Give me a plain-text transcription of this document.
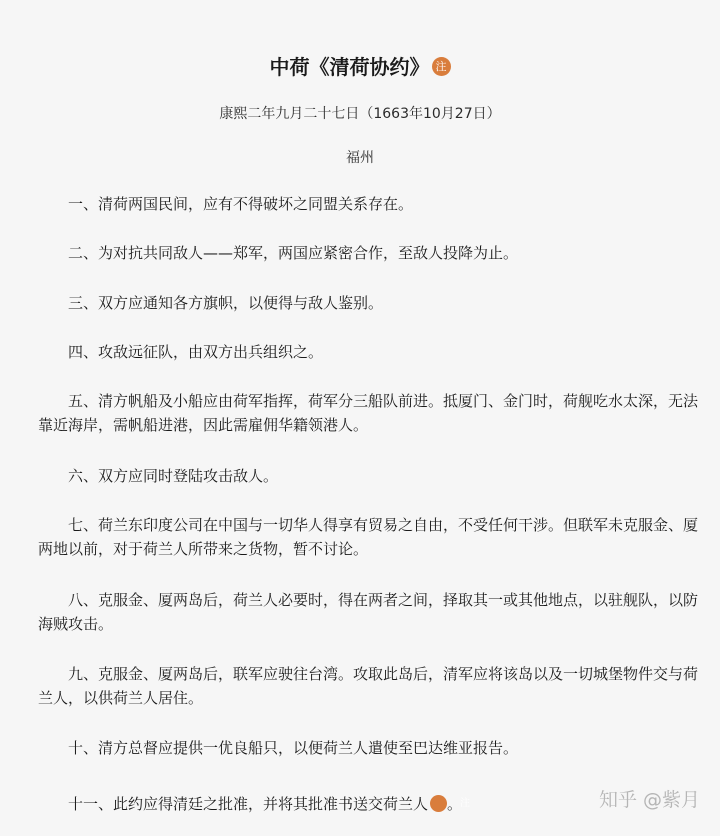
中荷《清荷协约》 注
康熙二年九月二十七日（1663年10月27日）
福州

一、清荷两国民间，应有不得破坏之同盟关系存在。

二、为对抗共同敌人——郑军，两国应紧密合作，至敌人投降为止。

三、双方应通知各方旗帜，以便得与敌人鉴别。

四、攻敌远征队，由双方出兵组织之。

五、清方帆船及小船应由荷军指挥，荷军分三船队前进。抵厦门、金门时，荷舰吃水太深，无法靠近海岸，需帆船进港，因此需雇佣华籍领港人。

六、双方应同时登陆攻击敌人。

七、荷兰东印度公司在中国与一切华人得享有贸易之自由，不受任何干涉。但联军未克服金、厦两地以前，对于荷兰人所带来之货物，暂不讨论。

八、克服金、厦两岛后，荷兰人必要时，得在两者之间，择取其一或其他地点，以驻舰队，以防海贼攻击。

九、克服金、厦两岛后，联军应驶往台湾。攻取此岛后，清军应将该岛以及一切城堡物件交与荷兰人，以供荷兰人居住。

十、清方总督应提供一优良船只，以便荷兰人遣使至巴达维亚报告。

十一、此约应得清廷之批准，并将其批准书送交荷兰人	注。	知乎 @紫月
